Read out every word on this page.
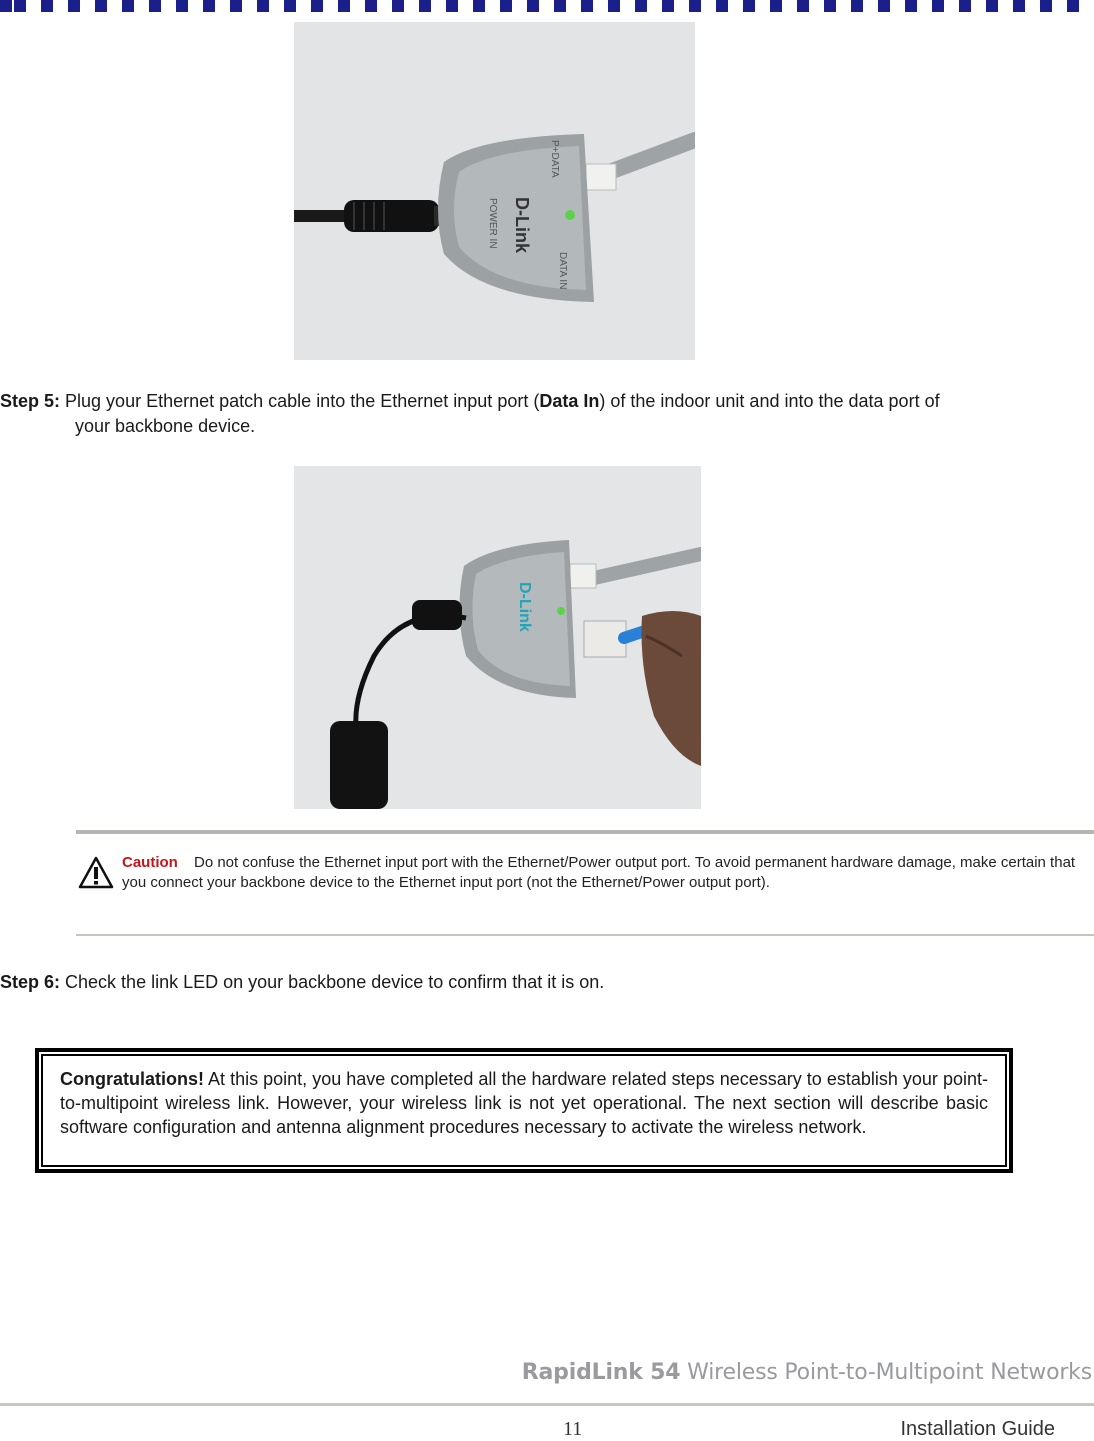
POWER IN D-Link
DATA IN
P+DATA
Step 5: Plug your Ethernet patch cable into the Ethernet input port (Data In) of the indoor unit and into the data port of
your backbone device.
D-Link
Caution Do not confuse the Ethernet input port with the Ethernet/Power output port. To avoid permanent hardware damage, make certain that you connect your backbone device to the Ethernet input port (not the Ethernet/Power output port).
Step 6: Check the link LED on your backbone device to confirm that it is on.
Congratulations! At this point, you have completed all the hardware related steps necessary to establish your point-to-multipoint wireless link. However, your wireless link is not yet operational. The next section will describe basic software configuration and antenna alignment procedures necessary to activate the wireless network.
RapidLink 54 Wireless Point-to-Multipoint Networks
11	Installation Guide
